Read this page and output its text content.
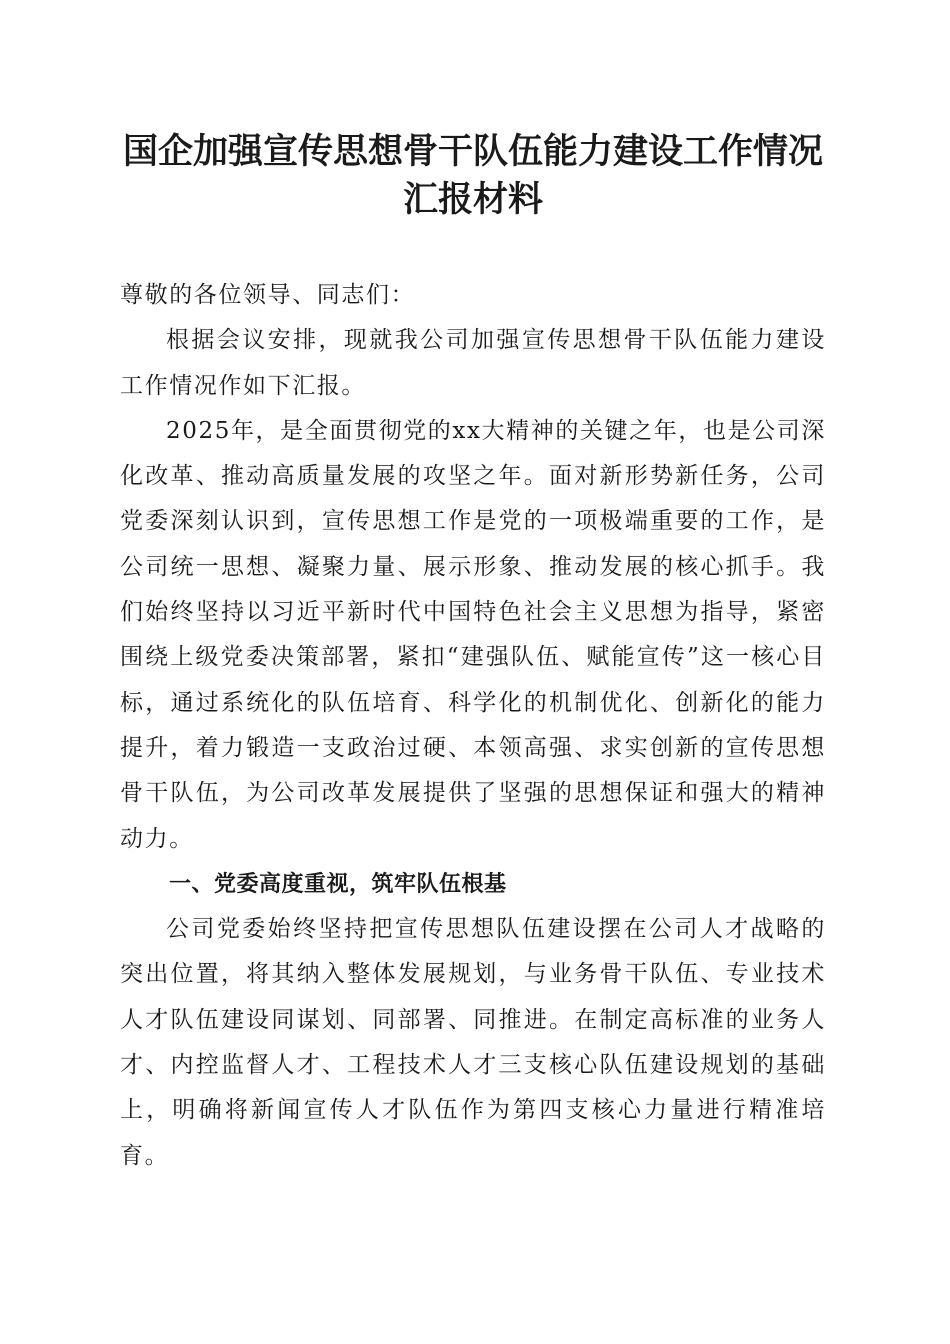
国企加强宣传思想骨干队伍能力建设工作情况
汇报材料

尊敬的各位领导、同志们：

根据会议安排，现就我公司加强宣传思想骨干队伍能力建设工作情况作如下汇报。

2025年，是全面贯彻党的xx大精神的关键之年，也是公司深化改革、推动高质量发展的攻坚之年。面对新形势新任务，公司党委深刻认识到，宣传思想工作是党的一项极端重要的工作，是公司统一思想、凝聚力量、展示形象、推动发展的核心抓手。我们始终坚持以习近平新时代中国特色社会主义思想为指导，紧密围绕上级党委决策部署，紧扣“建强队伍、赋能宣传”这一核心目标，通过系统化的队伍培育、科学化的机制优化、创新化的能力提升，着力锻造一支政治过硬、本领高强、求实创新的宣传思想骨干队伍，为公司改革发展提供了坚强的思想保证和强大的精神动力。

一、党委高度重视，筑牢队伍根基

公司党委始终坚持把宣传思想队伍建设摆在公司人才战略的突出位置，将其纳入整体发展规划，与业务骨干队伍、专业技术人才队伍建设同谋划、同部署、同推进。在制定高标准的业务人才、内控监督人才、工程技术人才三支核心队伍建设规划的基础上，明确将新闻宣传人才队伍作为第四支核心力量进行精准培育。
